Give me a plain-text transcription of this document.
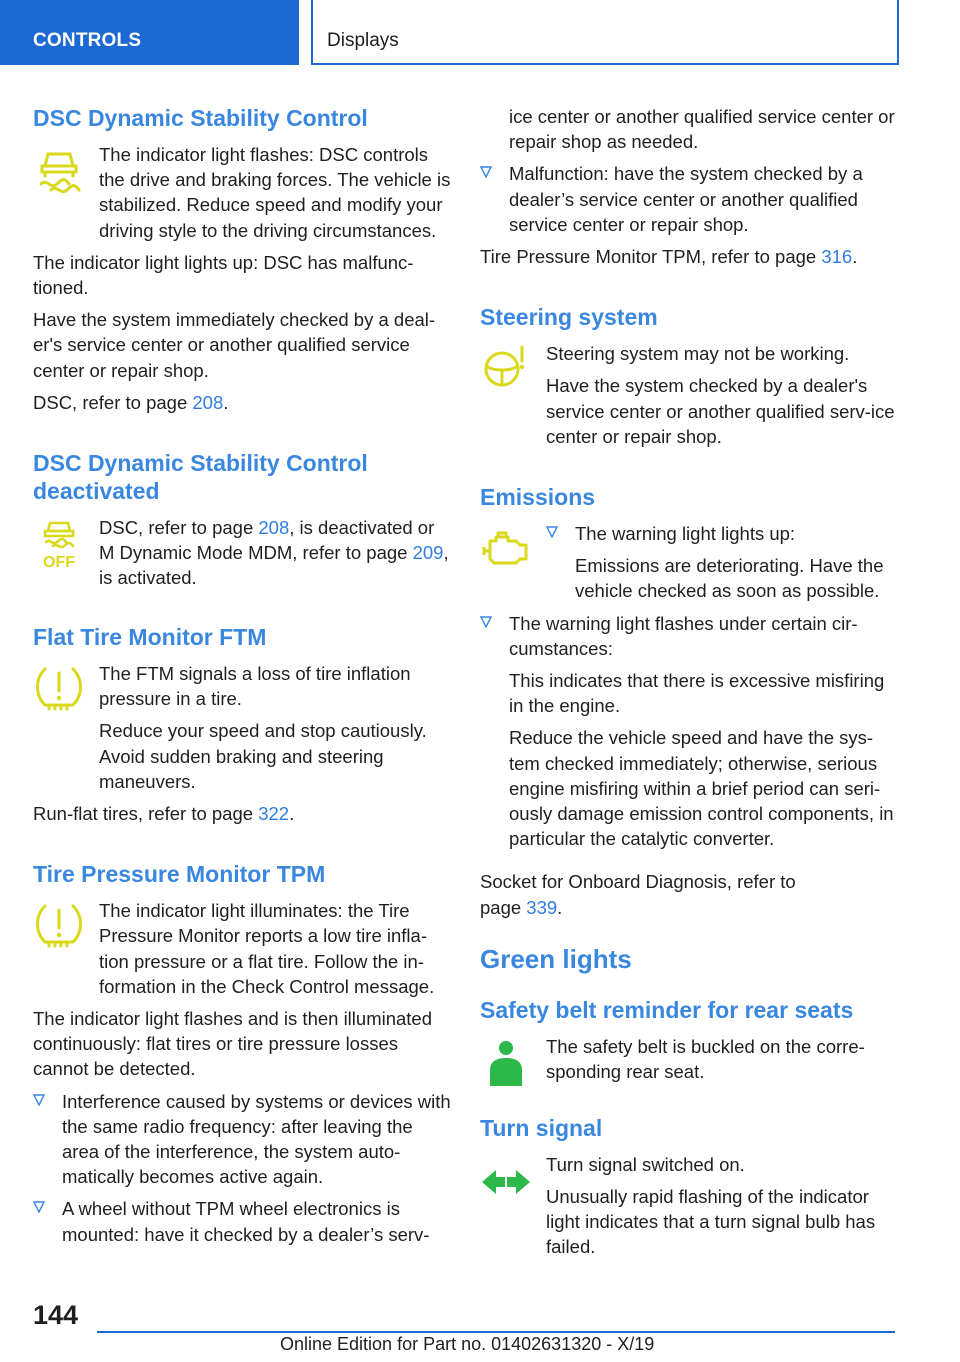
CONTROLS	Displays
DSC Dynamic Stability Control

The indicator light flashes: DSC controls the drive and braking forces. The vehicle is stabilized. Reduce speed and modify your driving style to the driving circumstances.

The indicator light lights up: DSC has malfunc-tioned.

Have the system immediately checked by a deal-er's service center or another qualified service center or repair shop.

DSC, refer to page 208.

DSC Dynamic Stability Control deactivated
OFF

DSC, refer to page 208, is deactivated or M Dynamic Mode MDM, refer to page 209, is activated.

Flat Tire Monitor FTM

The FTM signals a loss of tire inflation pressure in a tire.

Reduce your speed and stop cautiously. Avoid sudden braking and steering maneuvers.

Run-flat tires, refer to page 322.

Tire Pressure Monitor TPM

The indicator light illuminates: the Tire Pressure Monitor reports a low tire infla-tion pressure or a flat tire. Follow the in-formation in the Check Control message.

The indicator light flashes and is then illuminated continuously: flat tires or tire pressure losses cannot be detected.

Interference caused by systems or devices with the same radio frequency: after leaving the area of the interference, the system auto-matically becomes active again.

A wheel without TPM wheel electronics is mounted: have it checked by a dealer’s serv-

ice center or another qualified service center or repair shop as needed.

Malfunction: have the system checked by a dealer’s service center or another qualified service center or repair shop.

Tire Pressure Monitor TPM, refer to page 316.

Steering system

Steering system may not be working.

Have the system checked by a dealer's service center or another qualified serv-ice center or repair shop.

Emissions

The warning light lights up:

Emissions are deteriorating. Have the vehicle checked as soon as possible.

The warning light flashes under certain cir-cumstances:

This indicates that there is excessive misfiring in the engine.

Reduce the vehicle speed and have the sys-tem checked immediately; otherwise, serious engine misfiring within a brief period can seri-ously damage emission control components, in particular the catalytic converter.

Socket for Onboard Diagnosis, refer to page 339.

Green lights
Safety belt reminder for rear seats

The safety belt is buckled on the corre-sponding rear seat.

Turn signal

Turn signal switched on.

Unusually rapid flashing of the indicator light indicates that a turn signal bulb has failed.

144
Online Edition for Part no. 01402631320 - X/19
